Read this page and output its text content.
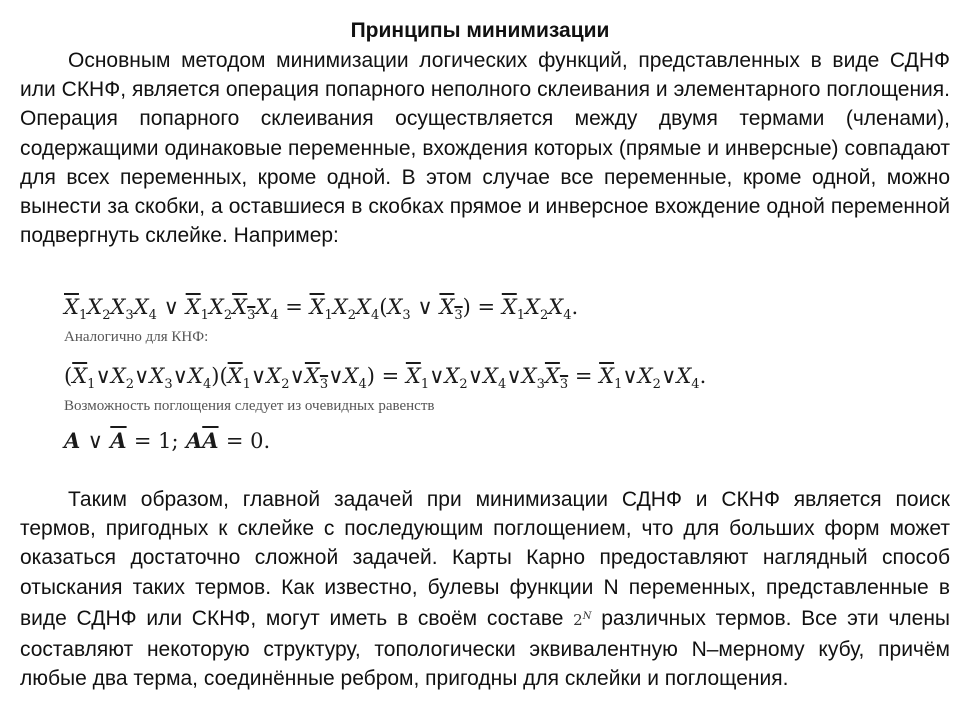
Принципы минимизации
Основным методом минимизации логических функций, представленных в виде СДНФ или СКНФ, является операция попарного неполного склеивания и элементарного поглощения. Операция попарного склеивания осуществляется между двумя термами (членами), содержащими одинаковые переменные, вхождения которых (прямые и инверсные) совпадают для всех переменных, кроме одной. В этом случае все переменные, кроме одной, можно вынести за скобки, а оставшиеся в скобках прямое и инверсное вхождение одной переменной подвергнуть склейке. Например:
$\overline{X}_1X_2X_3X_4$ ∨ $\overline{X}_1X_2X_3X_4 = \overline{X}_1X_2X_4(X_3$ ∨ $X_3) = \overline{X}_1X_2X_4$.
Аналогично для КНФ:
$(\overline{X}_1\vee X_2\vee X_3\vee X_4)(\overline{X}_1\vee X_2\vee X_3\vee X_4)$ = $\overline{X}_1\vee X_2\vee X_4\vee X_3X_3$ = $\overline{X}_1\vee X_2\vee X_4$.
Возможность поглощения следует из очевидных равенств
A ∨ $\overline{A} = 1$; $A\overline{A} = 0$.
Таким образом, главной задачей при минимизации СДНФ и СКНФ является поиск термов, пригодных к склейке с последующим поглощением, что для больших форм может оказаться достаточно сложной задачей. Карты Карно предоставляют наглядный способ отыскания таких термов. Как известно, булевы функции N переменных, представленные в виде СДНФ или СКНФ, могут иметь в своём составе $2^N$ различных термов. Все эти члены составляют некоторую структуру, топологически эквивалентную N–мерному кубу, причём любые два терма, соединённые ребром, пригодны для склейки и поглощения.
